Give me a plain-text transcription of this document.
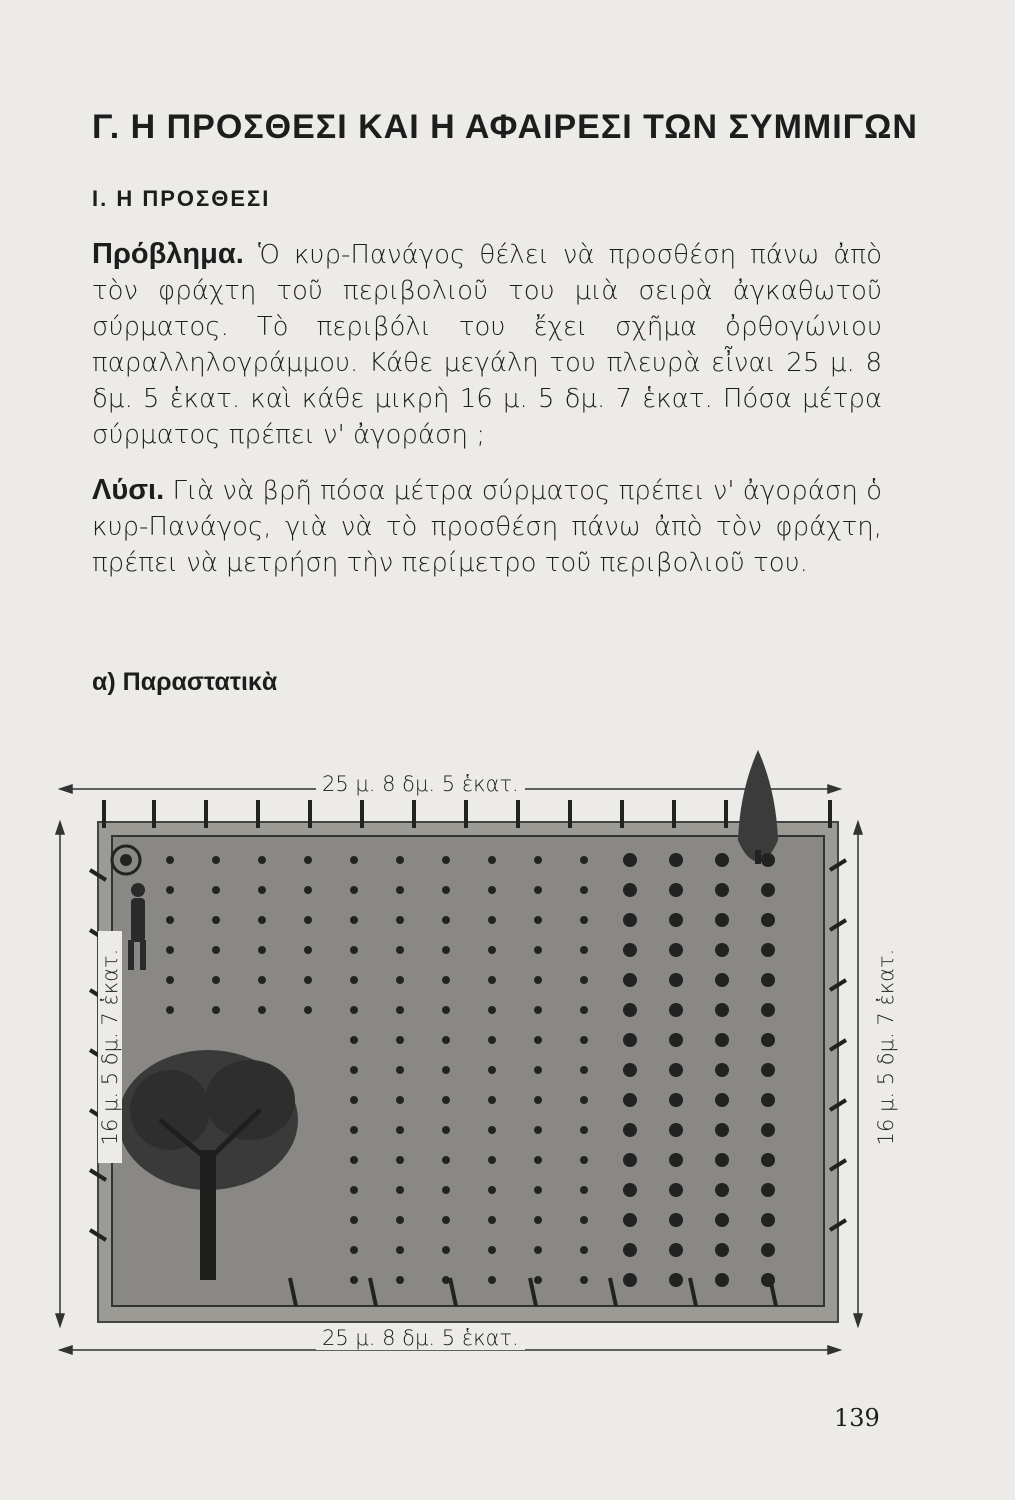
Γ. Η ΠΡΟΣΘΕΣΙ ΚΑΙ Η ΑΦΑΙΡΕΣΙ ΤΩΝ ΣΥΜΜΙΓΩΝ
Ι. Η ΠΡΟΣΘΕΣΙ
Πρόβλημα. Ὁ κυρ-Πανάγος θέλει νὰ προσθέση πάνω ἀπὸ τὸν φράχτη τοῦ περιβολιοῦ του μιὰ σειρὰ ἀγκαθωτοῦ σύρματος. Τὸ περιβόλι του ἔχει σχῆμα ὀρθογώνιου παραλληλογράμμου. Κάθε μεγάλη του πλευρὰ εἶναι 25 μ. 8 δμ. 5 ἑκατ. καὶ κάθε μικρὴ 16 μ. 5 δμ. 7 ἑκατ. Πόσα μέτρα σύρματος πρέπει ν' ἀγοράση ;
Λύσι. Γιὰ νὰ βρῆ πόσα μέτρα σύρματος πρέπει ν' ἀγοράση ὁ κυρ-Πανάγος, γιὰ νὰ τὸ προσθέση πάνω ἀπὸ τὸν φράχτη, πρέπει νὰ μετρήση τὴν περίμετρο τοῦ περιβολιοῦ του.
α) Παραστατικὰ
25 μ. 8 δμ. 5 ἑκατ.
25 μ. 8 δμ. 5 ἑκατ.
16 μ. 5 δμ. 7 ἑκατ.	16 μ. 5 δμ. 7 ἑκατ.
139
